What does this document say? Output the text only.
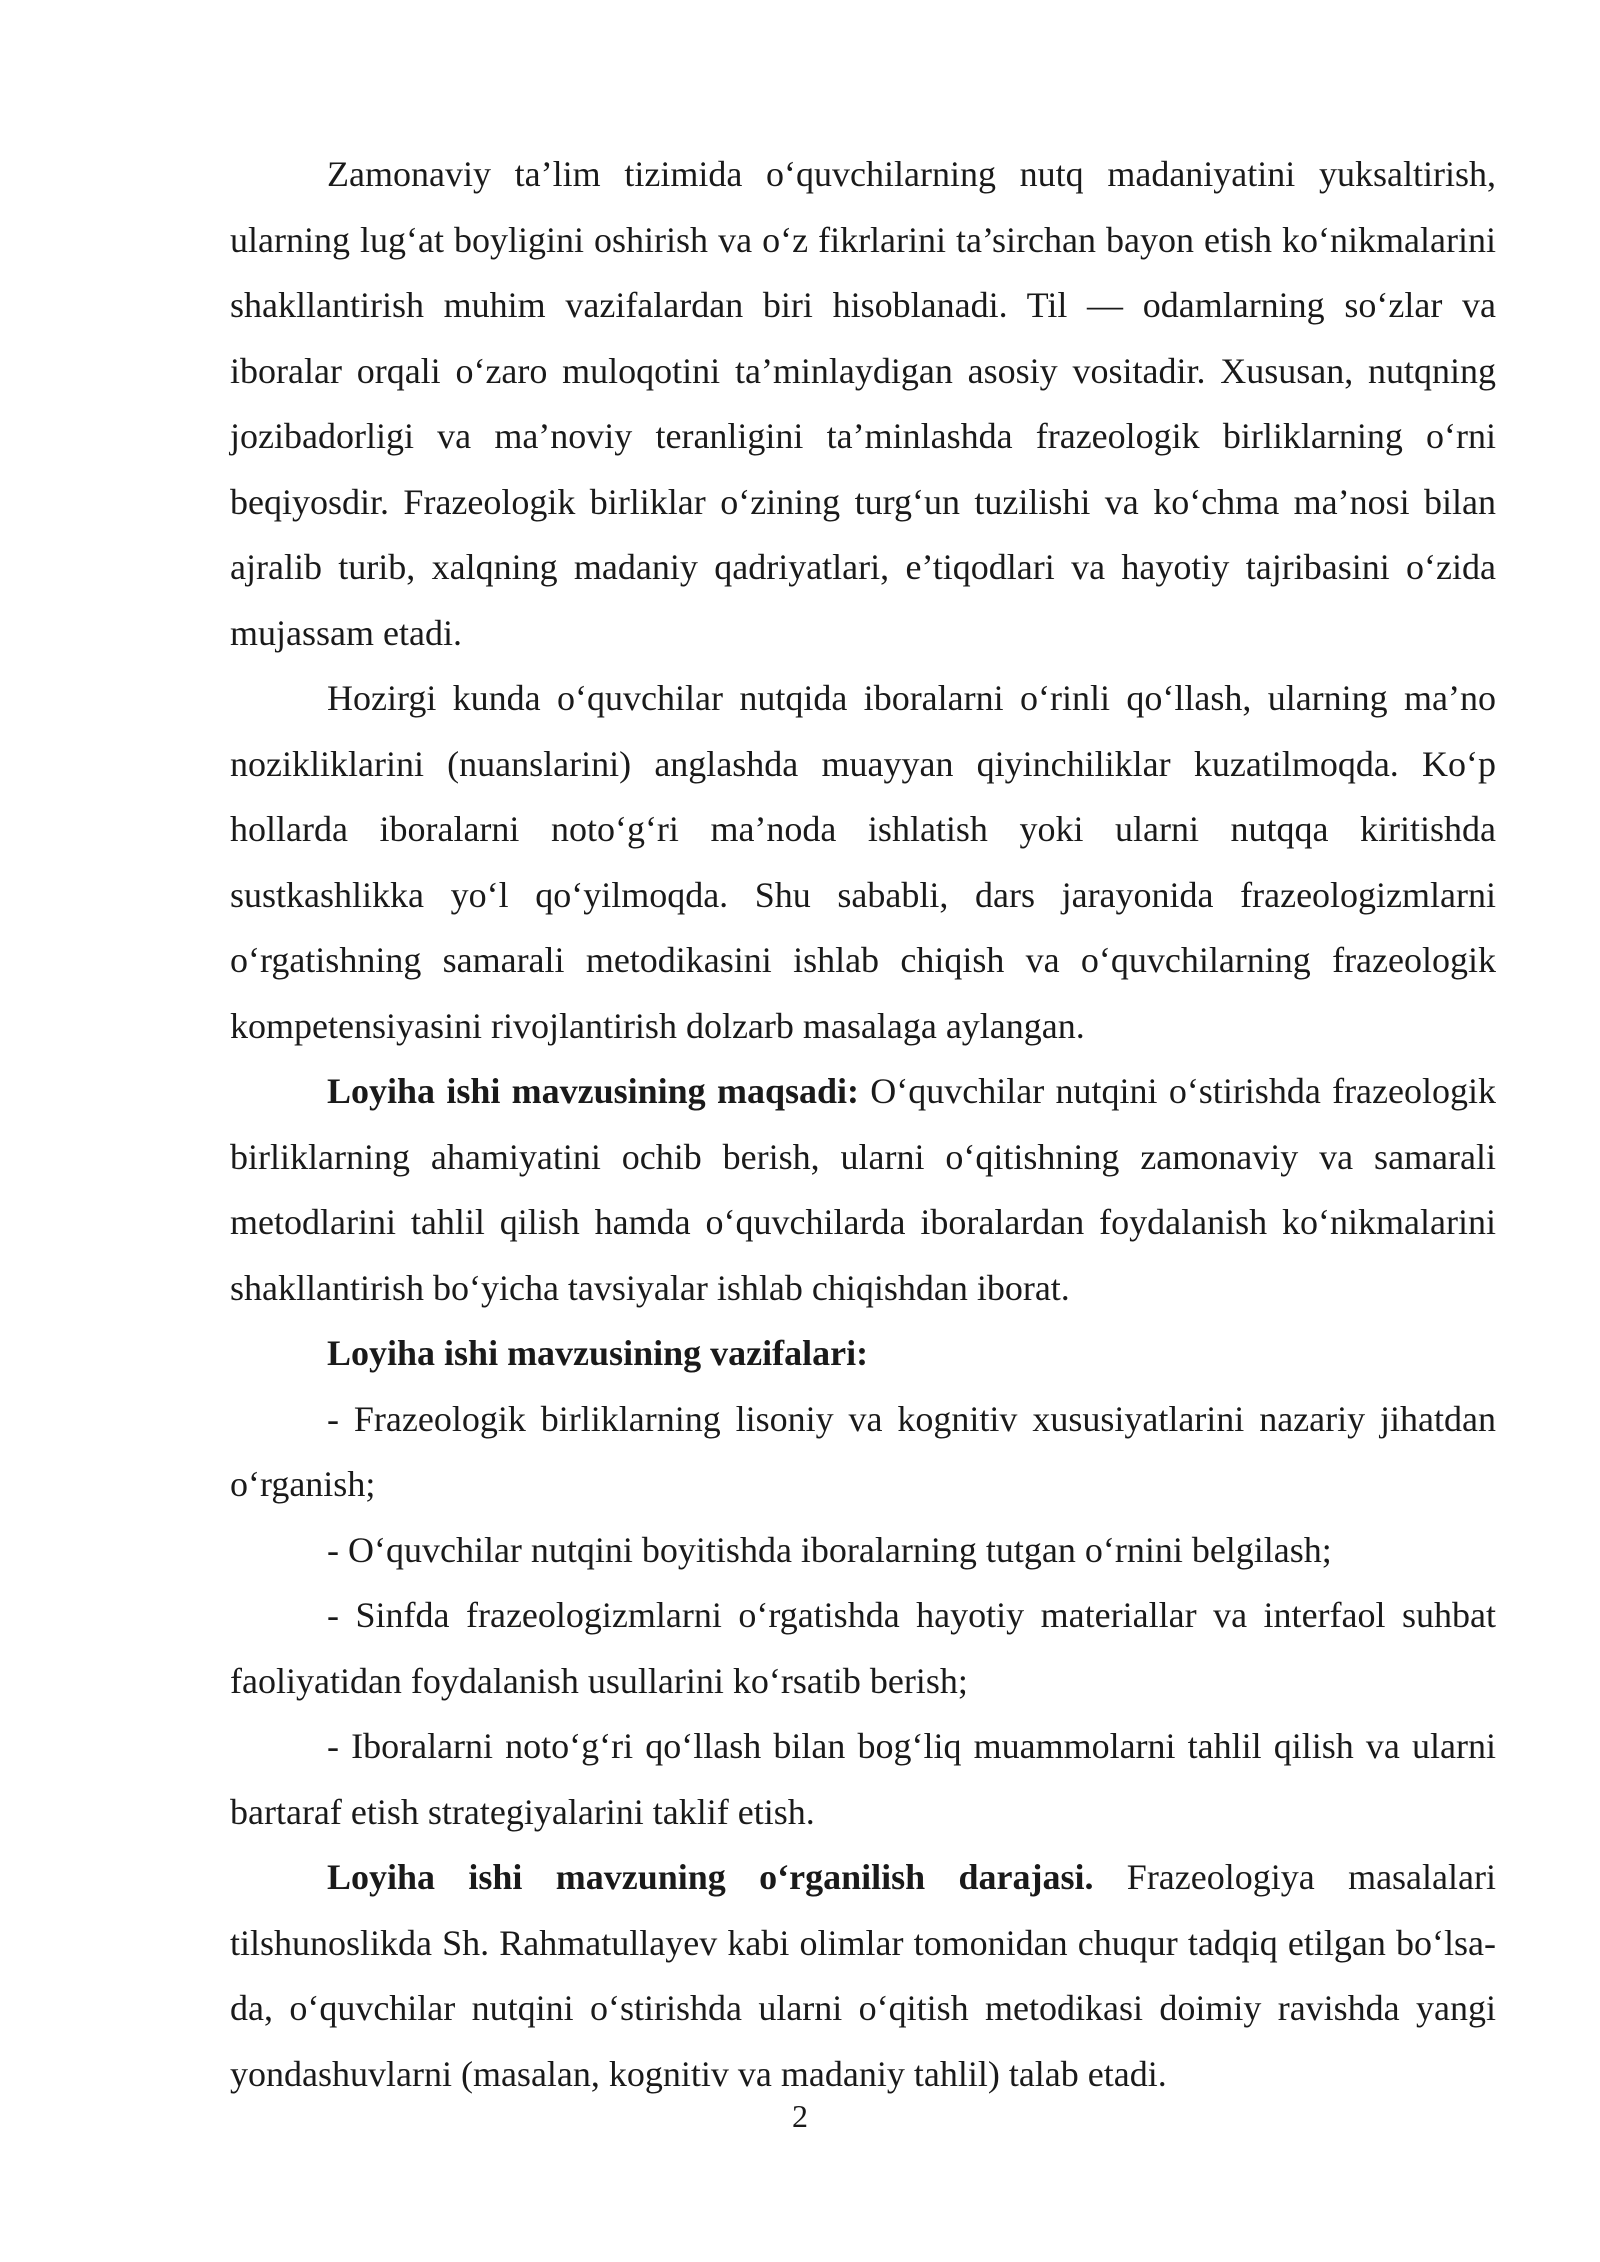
Zamonaviy ta’lim tizimida o‘quvchilarning nutq madaniyatini yuksaltirish, ularning lug‘at boyligini oshirish va o‘z fikrlarini ta’sirchan bayon etish ko‘nikmalarini shakllantirish muhim vazifalardan biri hisoblanadi. Til — odamlarning so‘zlar va iboralar orqali o‘zaro muloqotini ta’minlaydigan asosiy vositadir. Xususan, nutqning jozibadorligi va ma’noviy teranligini ta’minlashda frazeologik birliklarning o‘rni beqiyosdir. Frazeologik birliklar o‘zining turg‘un tuzilishi va ko‘chma ma’nosi bilan ajralib turib, xalqning madaniy qadriyatlari, e’tiqodlari va hayotiy tajribasini o‘zida mujassam etadi.

Hozirgi kunda o‘quvchilar nutqida iboralarni o‘rinli qo‘llash, ularning ma’no nozikliklarini (nuanslarini) anglashda muayyan qiyinchiliklar kuzatilmoqda. Ko‘p hollarda iboralarni noto‘g‘ri ma’noda ishlatish yoki ularni nutqqa kiritishda sustkashlikka yo‘l qo‘yilmoqda. Shu sababli, dars jarayonida frazeologizmlarni o‘rgatishning samarali metodikasini ishlab chiqish va o‘quvchilarning frazeologik kompetensiyasini rivojlantirish dolzarb masalaga aylangan.

Loyiha ishi mavzusining maqsadi: O‘quvchilar nutqini o‘stirishda frazeologik birliklarning ahamiyatini ochib berish, ularni o‘qitishning zamonaviy va samarali metodlarini tahlil qilish hamda o‘quvchilarda iboralardan foydalanish ko‘nikmalarini shakllantirish bo‘yicha tavsiyalar ishlab chiqishdan iborat.

Loyiha ishi mavzusining vazifalari:

- Frazeologik birliklarning lisoniy va kognitiv xususiyatlarini nazariy jihatdan o‘rganish;

- O‘quvchilar nutqini boyitishda iboralarning tutgan o‘rnini belgilash;

- Sinfda frazeologizmlarni o‘rgatishda hayotiy materiallar va interfaol suhbat faoliyatidan foydalanish usullarini ko‘rsatib berish;

- Iboralarni noto‘g‘ri qo‘llash bilan bog‘liq muammolarni tahlil qilish va ularni bartaraf etish strategiyalarini taklif etish.

Loyiha ishi mavzuning o‘rganilish darajasi. Frazeologiya masalalari tilshunoslikda Sh. Rahmatullayev kabi olimlar tomonidan chuqur tadqiq etilgan bo‘lsa-da, o‘quvchilar nutqini o‘stirishda ularni o‘qitish metodikasi doimiy ravishda yangi yondashuvlarni (masalan, kognitiv va madaniy tahlil) talab etadi.

2
